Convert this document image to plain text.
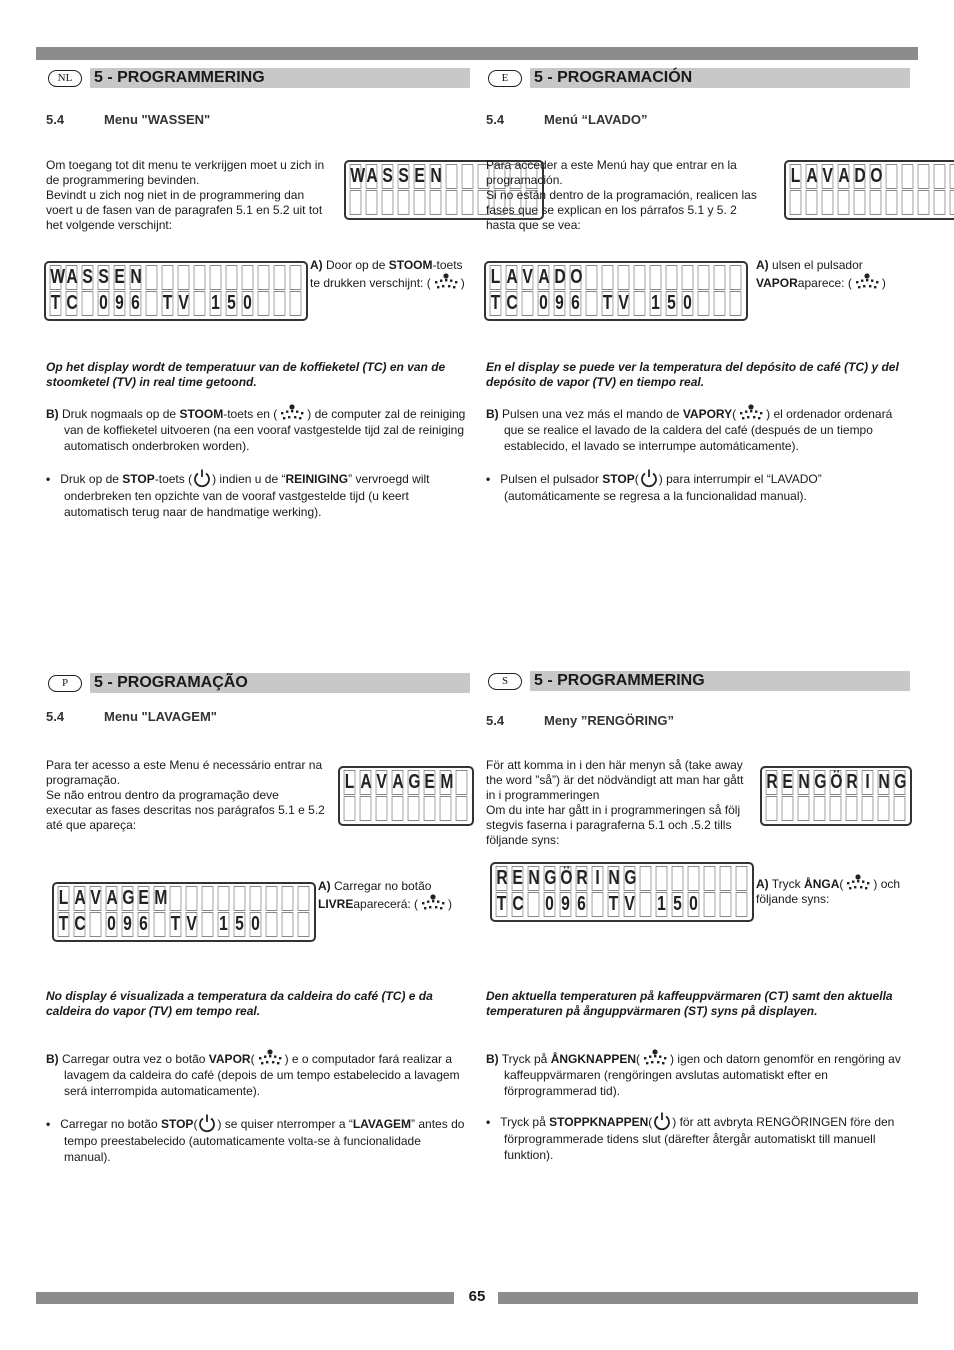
NL	5 - PROGRAMMERING
5.4	Menu "WASSEN"
Om toegang tot dit menu te verkrijgen moet u zich in de programmering bevinden.
Bevindt u zich nog niet in de programmering dan voert u de fasen van de paragrafen 5.1 en 5.2 uit tot het volgende verschijnt:
W A S S E N
W A S S E N
T C 0 9 6 T V 1 5 0
A) Door op de STOOM-toets te drukken verschijnt: (	)
Op het display wordt de temperatuur van de koffieketel (TC) en van de stoomketel (TV) in real time getoond.
B) Druk nogmaals op de STOOM-toets en (	) de computer zal de reiniging van de koffieketel uitvoeren (na een vooraf vastgestelde tijd zal de reiniging automatisch onderbroken worden).
• Druk op de STOP-toets ( ) indien u de “REINIGING” vervroegd wilt onderbreken ten opzichte van de vooraf vastgestelde tijd (u keert automatisch terug naar de handmatige werking).
E	5 - PROGRAMACIÓN
5.4	Menú “LAVADO”
Para acceder a este Menú hay que entrar en la programación.
Si no están dentro de la programación, realicen las fases que se explican en los párrafos 5.1 y 5. 2 hasta que se vea:
L A V A D O
L A V A D O
T C 0 9 6 T V 1 5 0
A) ulsen el pulsador VAPORaparece: (	)
En el display se puede ver la temperatura del depósito de café (TC) y del depósito de vapor (TV) en tiempo real.
B) Pulsen una vez más el mando de VAPORY(	) el ordenador ordenará que se realice el lavado de la caldera del café (después de un tiempo establecido, el lavado se interrumpe automáticamente).
• Pulsen el pulsador STOP( ) para interrumpir el “LAVADO” (automáticamente se regresa a la funcionalidad manual).
P	5 - PROGRAMAÇÃO
5.4	Menu "LAVAGEM"
Para ter acesso a este Menu é necessário entrar na programação.
Se não entrou dentro da programação deve executar as fases descritas nos parágrafos 5.1 e 5.2 até que apareça:
L A V A G E M
L A V A G E M
T C 0 9 6 T V 1 5 0
A) Carregar no botão LIVREaparecerá: (	)
No display é visualizada a temperatura da caldeira do café (TC) e da caldeira do vapor (TV) em tempo real.
B) Carregar outra vez o botão VAPOR(	) e o computador fará realizar a lavagem da caldeira do café (depois de um tempo estabelecido a lavagem será interrompida automaticamente).
• Carregar no botão STOP( ) se quiser nterromper a “LAVAGEM” antes do tempo preestabelecido (automaticamente volta-se à funcionalidade manual).
S	5 - PROGRAMMERING
5.4	Meny ”RENGÖRING”
För att komma in i den här menyn så (take away the word ”så”) är det nödvändigt att man har gått in i programmeringen
Om du inte har gått in i programmeringen så följ stegvis faserna i paragraferna 5.1 och .5.2 tills följande syns:
R E N G Ö R I N G
R E N G Ö R I N G
T C 0 9 6 T V 1 5 0
A) Tryck ÅNGA(	) och följande syns:
Den aktuella temperaturen på kaffeuppvärmaren (CT) samt den aktuella temperaturen på ånguppvärmaren (ST) syns på displayen.
B) Tryck på ÅNGKNAPPEN(	) igen och datorn genomför en rengöring av kaffeuppvärmaren (rengöringen avslutas automatiskt efter en förprogrammerad tid).
• Tryck på STOPPKNAPPEN( ) för att avbryta RENGÖRINGEN före den förprogrammerade tidens slut (därefter återgår automatiskt till manuell funktion).
65
